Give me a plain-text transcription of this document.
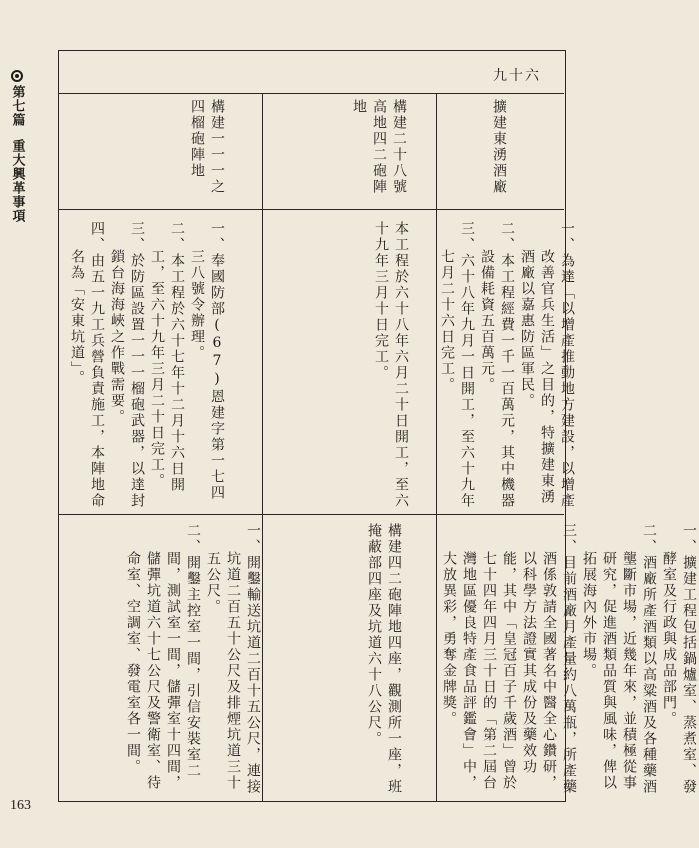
第七篇
重大興革事項
163
九十六
擴建東湧酒廠
一、為達「以增產推動地方建設，以增產改善官兵生活」之目的，特擴建東湧酒廠以嘉惠防區軍民。
二、本工程經費一千一百萬元，其中機器設備耗資五百萬元。
三、六十八年九月一日開工，至六十九年七月二十六日完工。
一、擴建工程包括鍋爐室、蒸煮室、發酵室及行政與成品部門。
二、酒廠所產酒類以高粱酒及各種藥酒壟斷市場，近幾年來，並積極從事研究，促進酒類品質與風味，俾以拓展海內外市場。
三、目前酒廠月產量約八萬瓶，所產藥酒係敦請全國著名中醫全心鑽研，以科學方法證實其成份及藥效功能，其中「皇冠百子千歲酒」曾於七十四年四月三十日的「第二屆台灣地區優良特產食品評鑑會」中，大放異彩，勇奪金牌獎。
構建二十八號高地四二砲陣地
本工程於六十八年六月二十日開工，至六十九年三月十日完工。
構建四二砲陣地四座，觀測所一座，班掩蔽部四座及坑道六十八公尺。
構建一一一之四榴砲陣地
一、奉國防部(67)恩建字第一七四三八號令辦理。
二、本工程於六十七年十二月十六日開工，至六十九年三月二十日完工。
三、於防區設置一一一榴砲武器，以達封鎖台海海峽之作戰需要。
四、由五一九工兵營負責施工，本陣地命名為「安東坑道」。
一、開鑿輸送坑道二百十五公尺，連接坑道二百五十公尺及排煙坑道三十五公尺。
二、開鑿主控室一間，引信安裝室二間，測試室一間，儲彈室十四間，儲彈坑道六十七公尺及警衛室、待命室、空調室、發電室各一間。
